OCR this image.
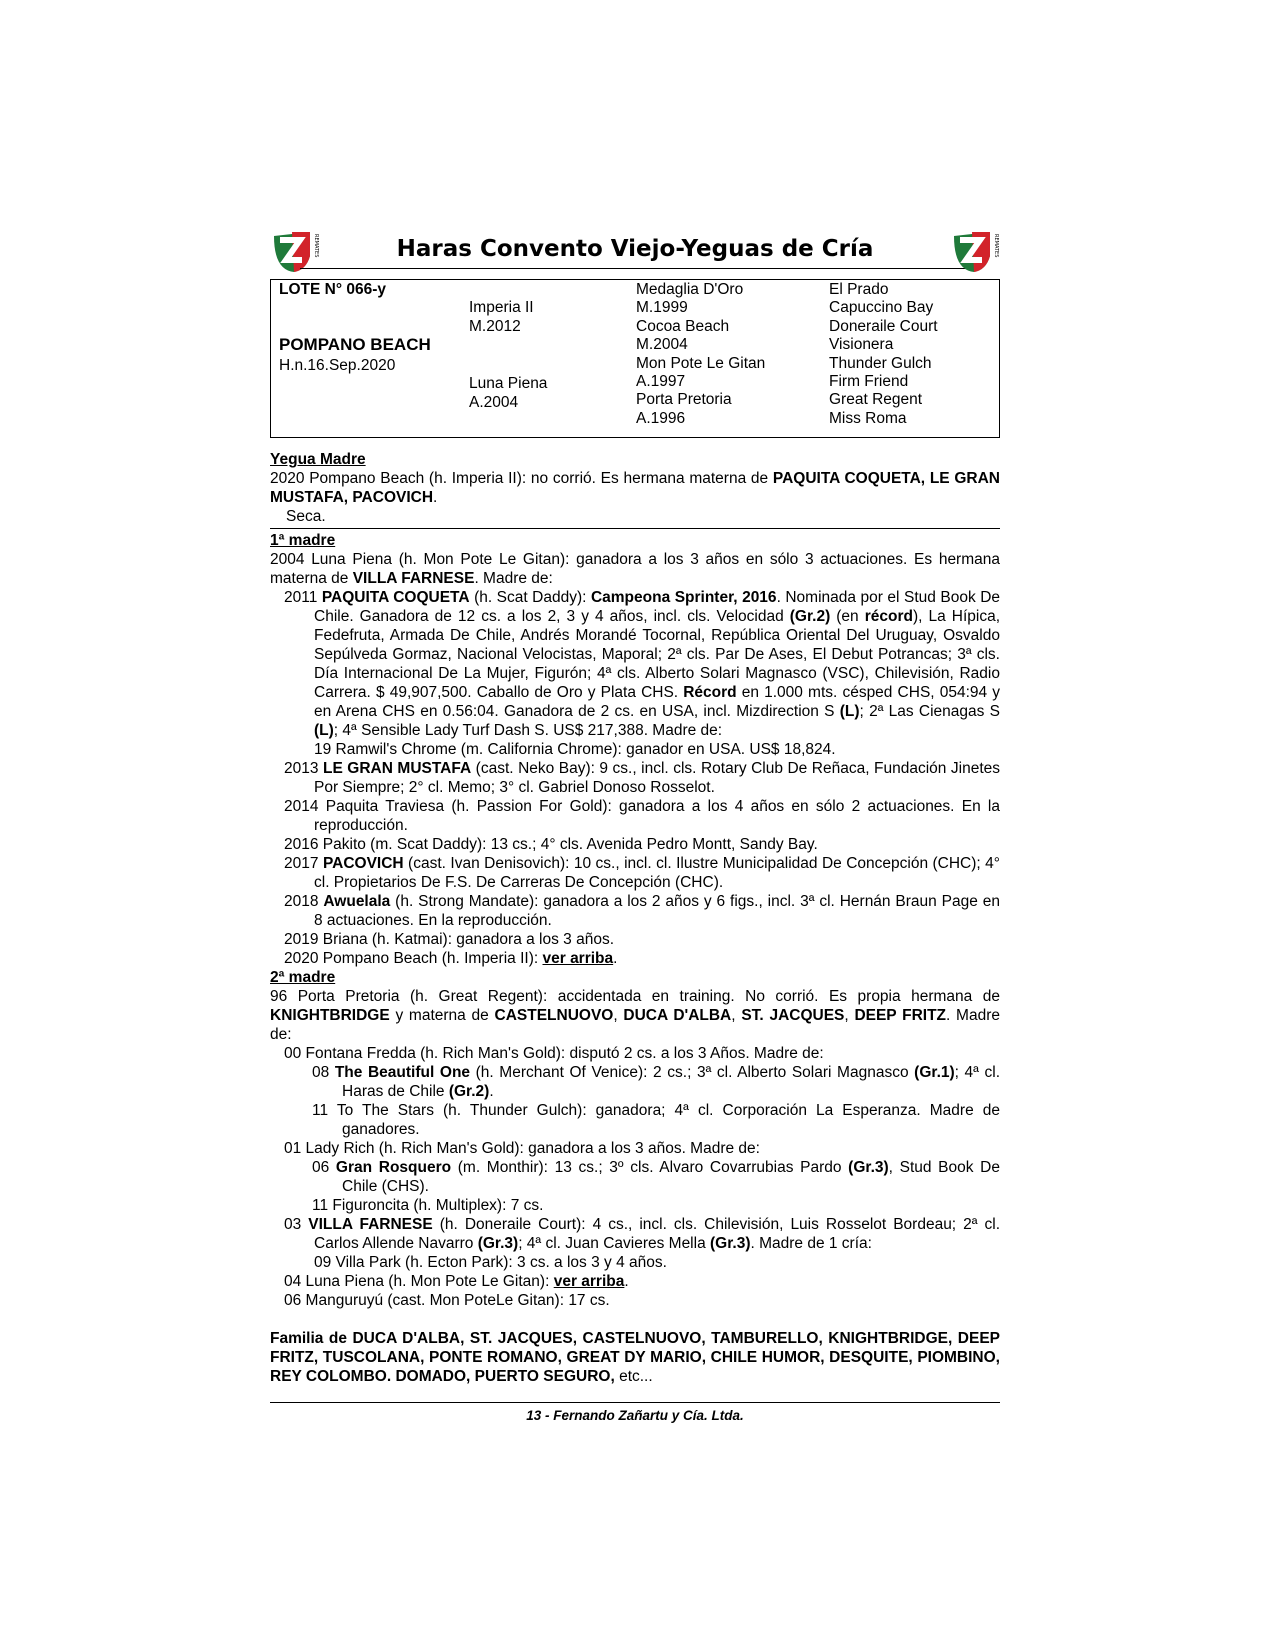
REMATES	Haras Convento Viejo-Yeguas de Cría	REMATES
LOTE N° 066-y
POMPANO BEACH
H.n.16.Sep.2020
Imperia II
M.2012
Luna Piena
A.2004
Medaglia D'Oro
M.1999
Cocoa Beach
M.2004
Mon Pote Le Gitan
A.1997
Porta Pretoria
A.1996
El Prado
Capuccino Bay
Doneraile Court
Visionera
Thunder Gulch
Firm Friend
Great Regent
Miss Roma
Yegua Madre

2020 Pompano Beach (h. Imperia II): no corrió. Es hermana materna de PAQUITA COQUETA, LE GRAN MUSTAFA, PACOVICH.

Seca.

1ª madre

2004 Luna Piena (h. Mon Pote Le Gitan): ganadora a los 3 años en sólo 3 actuaciones. Es hermana materna de VILLA FARNESE. Madre de:

2011 PAQUITA COQUETA (h. Scat Daddy): Campeona Sprinter, 2016. Nominada por el Stud Book De Chile. Ganadora de 12 cs. a los 2, 3 y 4 años, incl. cls. Velocidad (Gr.2) (en récord), La Hípica, Fedefruta, Armada De Chile, Andrés Morandé Tocornal, República Oriental Del Uruguay, Osvaldo Sepúlveda Gormaz, Nacional Velocistas, Maporal; 2ª cls. Par De Ases, El Debut Potrancas; 3ª cls. Día Internacional De La Mujer, Figurón; 4ª cls. Alberto Solari Magnasco (VSC), Chilevisión, Radio Carrera. $ 49,907,500. Caballo de Oro y Plata CHS. Récord en 1.000 mts. césped CHS, 054:94 y en Arena CHS en 0.56:04. Ganadora de 2 cs. en USA, incl. Mizdirection S (L); 2ª Las Cienagas S (L); 4ª Sensible Lady Turf Dash S. US$ 217,388. Madre de:

19 Ramwil's Chrome (m. California Chrome): ganador en USA. US$ 18,824.

2013 LE GRAN MUSTAFA (cast. Neko Bay): 9 cs., incl. cls. Rotary Club De Reñaca, Fundación Jinetes Por Siempre; 2° cl. Memo; 3° cl. Gabriel Donoso Rosselot.

2014 Paquita Traviesa (h. Passion For Gold): ganadora a los 4 años en sólo 2 actuaciones. En la reproducción.

2016 Pakito (m. Scat Daddy): 13 cs.; 4° cls. Avenida Pedro Montt, Sandy Bay.

2017 PACOVICH (cast. Ivan Denisovich): 10 cs., incl. cl. Ilustre Municipalidad De Concepción (CHC); 4° cl. Propietarios De F.S. De Carreras De Concepción (CHC).

2018 Awuelala (h. Strong Mandate): ganadora a los 2 años y 6 figs., incl. 3ª cl. Hernán Braun Page en 8 actuaciones. En la reproducción.

2019 Briana (h. Katmai): ganadora a los 3 años.

2020 Pompano Beach (h. Imperia II): ver arriba.

2ª madre

96 Porta Pretoria (h. Great Regent): accidentada en training. No corrió. Es propia hermana de KNIGHTBRIDGE y materna de CASTELNUOVO, DUCA D'ALBA, ST. JACQUES, DEEP FRITZ. Madre de:

00 Fontana Fredda (h. Rich Man's Gold): disputó 2 cs. a los 3 Años. Madre de:

08 The Beautiful One (h. Merchant Of Venice): 2 cs.; 3ª cl. Alberto Solari Magnasco (Gr.1); 4ª cl. Haras de Chile (Gr.2).

11 To The Stars (h. Thunder Gulch): ganadora; 4ª cl. Corporación La Esperanza. Madre de ganadores.

01 Lady Rich (h. Rich Man's Gold): ganadora a los 3 años. Madre de:

06 Gran Rosquero (m. Monthir): 13 cs.; 3º cls. Alvaro Covarrubias Pardo (Gr.3), Stud Book De Chile (CHS).

11 Figuroncita (h. Multiplex): 7 cs.

03 VILLA FARNESE (h. Doneraile Court): 4 cs., incl. cls. Chilevisión, Luis Rosselot Bordeau; 2ª cl. Carlos Allende Navarro (Gr.3); 4ª cl. Juan Cavieres Mella (Gr.3). Madre de 1 cría:

09 Villa Park (h. Ecton Park): 3 cs. a los 3 y 4 años.

04 Luna Piena (h. Mon Pote Le Gitan): ver arriba.

06 Manguruyú (cast. Mon PoteLe Gitan): 17 cs.

Familia de DUCA D'ALBA, ST. JACQUES, CASTELNUOVO, TAMBURELLO, KNIGHTBRIDGE, DEEP FRITZ, TUSCOLANA, PONTE ROMANO, GREAT DY MARIO, CHILE HUMOR, DESQUITE, PIOMBINO, REY COLOMBO. DOMADO, PUERTO SEGURO, etc...

13 - Fernando Zañartu y Cía. Ltda.
